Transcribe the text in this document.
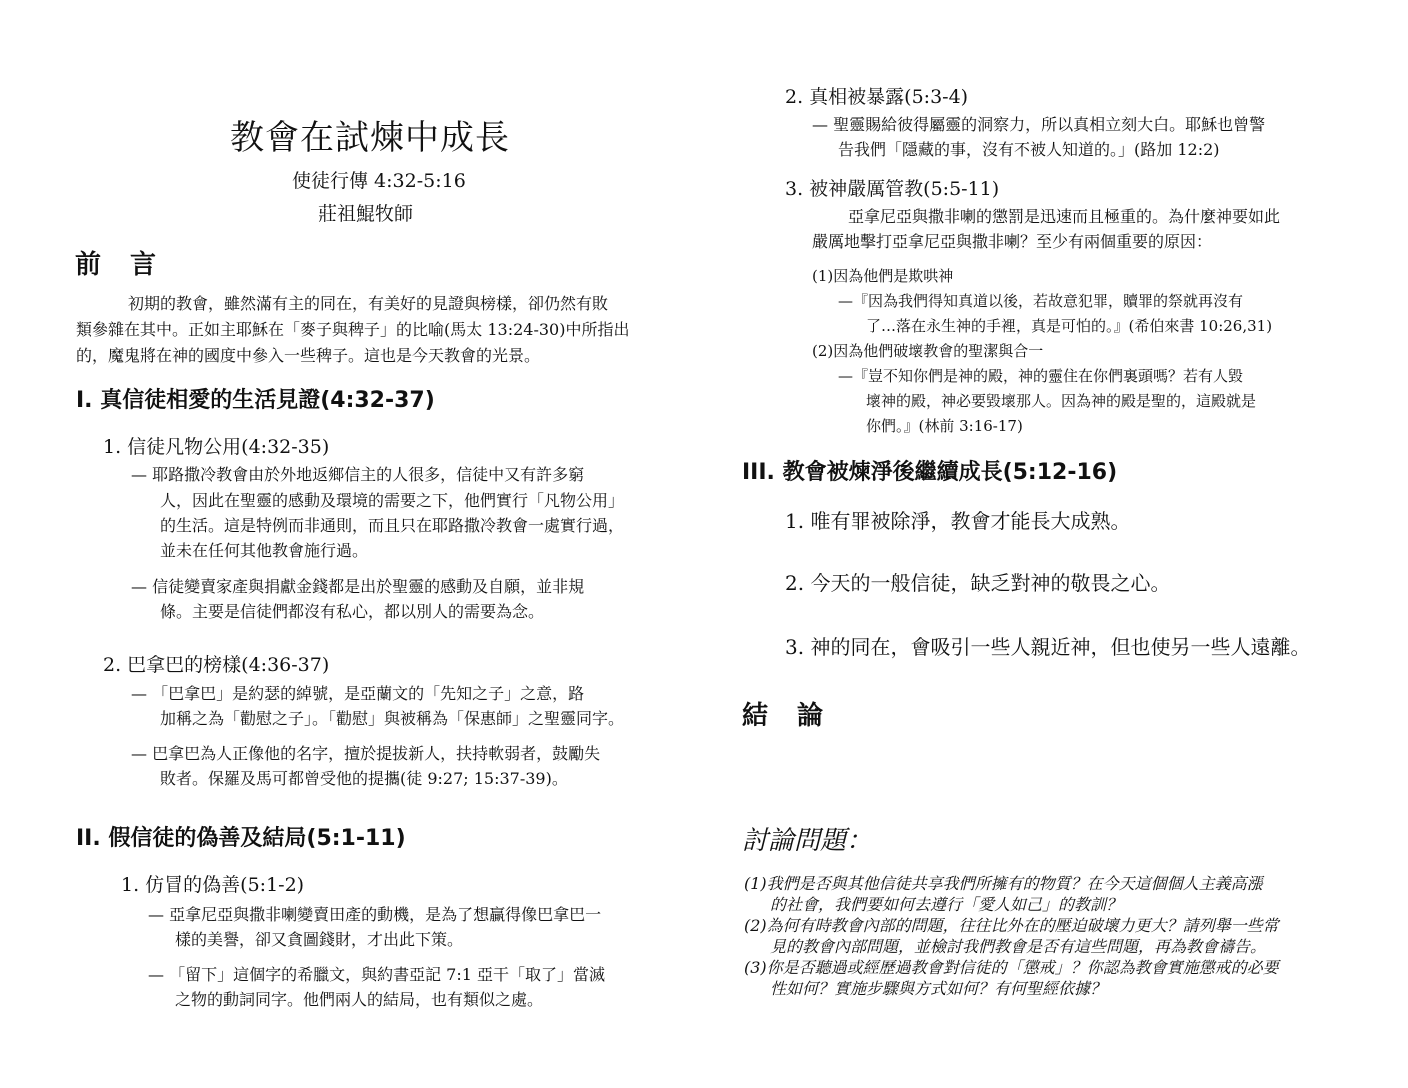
教會在試煉中成長
使徒行傳 4:32-5:16
莊祖鯤牧師
前 言
初期的教會，雖然滿有主的同在，有美好的見證與榜樣，卻仍然有敗
類參雜在其中。正如主耶穌在「麥子與稗子」的比喻(馬太 13:24-30)中所指出
的，魔鬼將在神的國度中參入一些稗子。這也是今天教會的光景。
I. 真信徒相愛的生活見證(4:32-37)
1. 信徒凡物公用(4:32-35)
— 耶路撒冷教會由於外地返鄉信主的人很多，信徒中又有許多窮
人，因此在聖靈的感動及環境的需要之下，他們實行「凡物公用」
的生活。這是特例而非通則，而且只在耶路撒冷教會一處實行過，
並未在任何其他教會施行過。
— 信徒變賣家產與捐獻金錢都是出於聖靈的感動及自願，並非規
條。主要是信徒們都沒有私心，都以別人的需要為念。
2. 巴拿巴的榜樣(4:36-37)
— 「巴拿巴」是約瑟的綽號，是亞蘭文的「先知之子」之意，路
加稱之為「勸慰之子」。「勸慰」與被稱為「保惠師」之聖靈同字。
— 巴拿巴為人正像他的名字，擅於提拔新人，扶持軟弱者，鼓勵失
敗者。保羅及馬可都曾受他的提攜(徒 9:27; 15:37-39)。
II. 假信徒的偽善及結局(5:1-11)
1. 仿冒的偽善(5:1-2)
— 亞拿尼亞與撒非喇變賣田產的動機，是為了想贏得像巴拿巴一
樣的美譽，卻又貪圖錢財，才出此下策。
— 「留下」這個字的希臘文，與約書亞記 7:1 亞干「取了」當滅
之物的動詞同字。他們兩人的結局，也有類似之處。
2. 真相被暴露(5:3-4)
— 聖靈賜給彼得屬靈的洞察力，所以真相立刻大白。耶穌也曾警
告我們「隱藏的事，沒有不被人知道的。」(路加 12:2)
3. 被神嚴厲管教(5:5-11)
亞拿尼亞與撒非喇的懲罰是迅速而且極重的。為什麼神要如此
嚴厲地擊打亞拿尼亞與撒非喇？至少有兩個重要的原因：
(1)因為他們是欺哄神
—『因為我們得知真道以後，若故意犯罪，贖罪的祭就再沒有
了…落在永生神的手裡，真是可怕的。』(希伯來書 10:26,31)
(2)因為他們破壞教會的聖潔與合一
—『豈不知你們是神的殿，神的靈住在你們裏頭嗎？若有人毀
壞神的殿，神必要毀壞那人。因為神的殿是聖的，這殿就是
你們。』(林前 3:16-17)
III. 教會被煉淨後繼續成長(5:12-16)
1. 唯有罪被除淨，教會才能長大成熟。
2. 今天的一般信徒，缺乏對神的敬畏之心。
3. 神的同在，會吸引一些人親近神，但也使另一些人遠離。
結 論
討論問題：
(1)我們是否與其他信徒共享我們所擁有的物質？在今天這個個人主義高漲
的社會，我們要如何去遵行「愛人如己」的教訓？
(2)為何有時教會內部的問題，往往比外在的壓迫破壞力更大？請列舉一些常
見的教會內部問題，並檢討我們教會是否有這些問題，再為教會禱告。
(3)你是否聽過或經歷過教會對信徒的「懲戒」？你認為教會實施懲戒的必要
性如何？實施步驟與方式如何？有何聖經依據？
